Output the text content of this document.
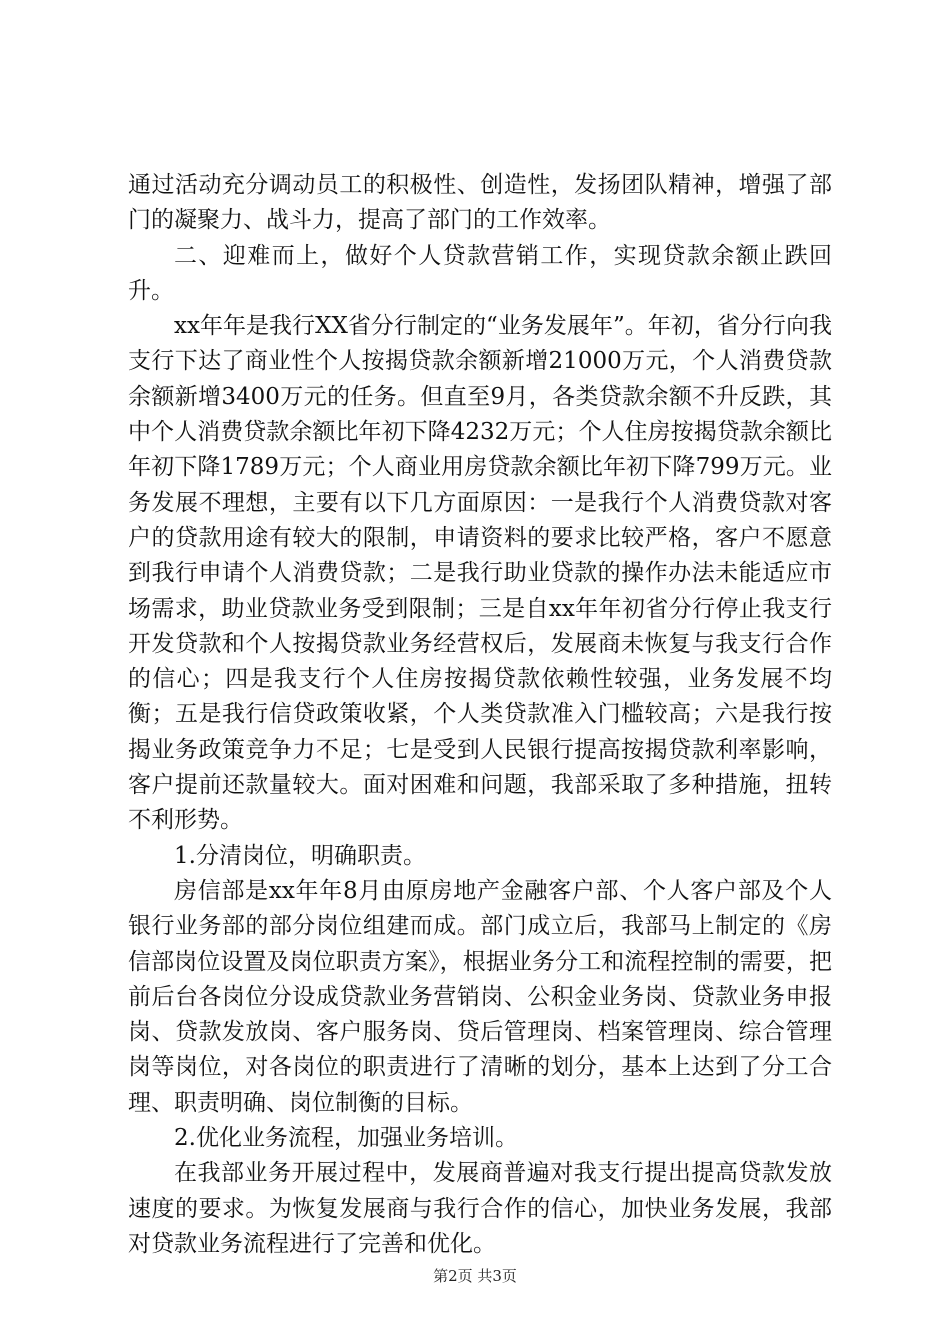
通过活动充分调动员工的积极性、创造性，发扬团队精神，增强了部门的凝聚力、战斗力，提高了部门的工作效率。

二、迎难而上，做好个人贷款营销工作，实现贷款余额止跌回升。

xx年年是我行XX省分行制定的“业务发展年”。年初，省分行向我支行下达了商业性个人按揭贷款余额新增21000万元，个人消费贷款余额新增3400万元的任务。但直至9月，各类贷款余额不升反跌，其中个人消费贷款余额比年初下降4232万元；个人住房按揭贷款余额比年初下降1789万元；个人商业用房贷款余额比年初下降799万元。业务发展不理想，主要有以下几方面原因：一是我行个人消费贷款对客户的贷款用途有较大的限制，申请资料的要求比较严格，客户不愿意到我行申请个人消费贷款；二是我行助业贷款的操作办法未能适应市场需求，助业贷款业务受到限制；三是自xx年年初省分行停止我支行开发贷款和个人按揭贷款业务经营权后，发展商未恢复与我支行合作的信心；四是我支行个人住房按揭贷款依赖性较强，业务发展不均衡；五是我行信贷政策收紧，个人类贷款准入门槛较高；六是我行按揭业务政策竞争力不足；七是受到人民银行提高按揭贷款利率影响，客户提前还款量较大。面对困难和问题，我部采取了多种措施，扭转不利形势。

1.分清岗位，明确职责。

房信部是xx年年8月由原房地产金融客户部、个人客户部及个人银行业务部的部分岗位组建而成。部门成立后，我部马上制定的《房信部岗位设置及岗位职责方案》，根据业务分工和流程控制的需要，把前后台各岗位分设成贷款业务营销岗、公积金业务岗、贷款业务申报岗、贷款发放岗、客户服务岗、贷后管理岗、档案管理岗、综合管理岗等岗位，对各岗位的职责进行了清晰的划分，基本上达到了分工合理、职责明确、岗位制衡的目标。

2.优化业务流程，加强业务培训。

在我部业务开展过程中，发展商普遍对我支行提出提高贷款发放速度的要求。为恢复发展商与我行合作的信心，加快业务发展，我部对贷款业务流程进行了完善和优化。

第2页 共3页
